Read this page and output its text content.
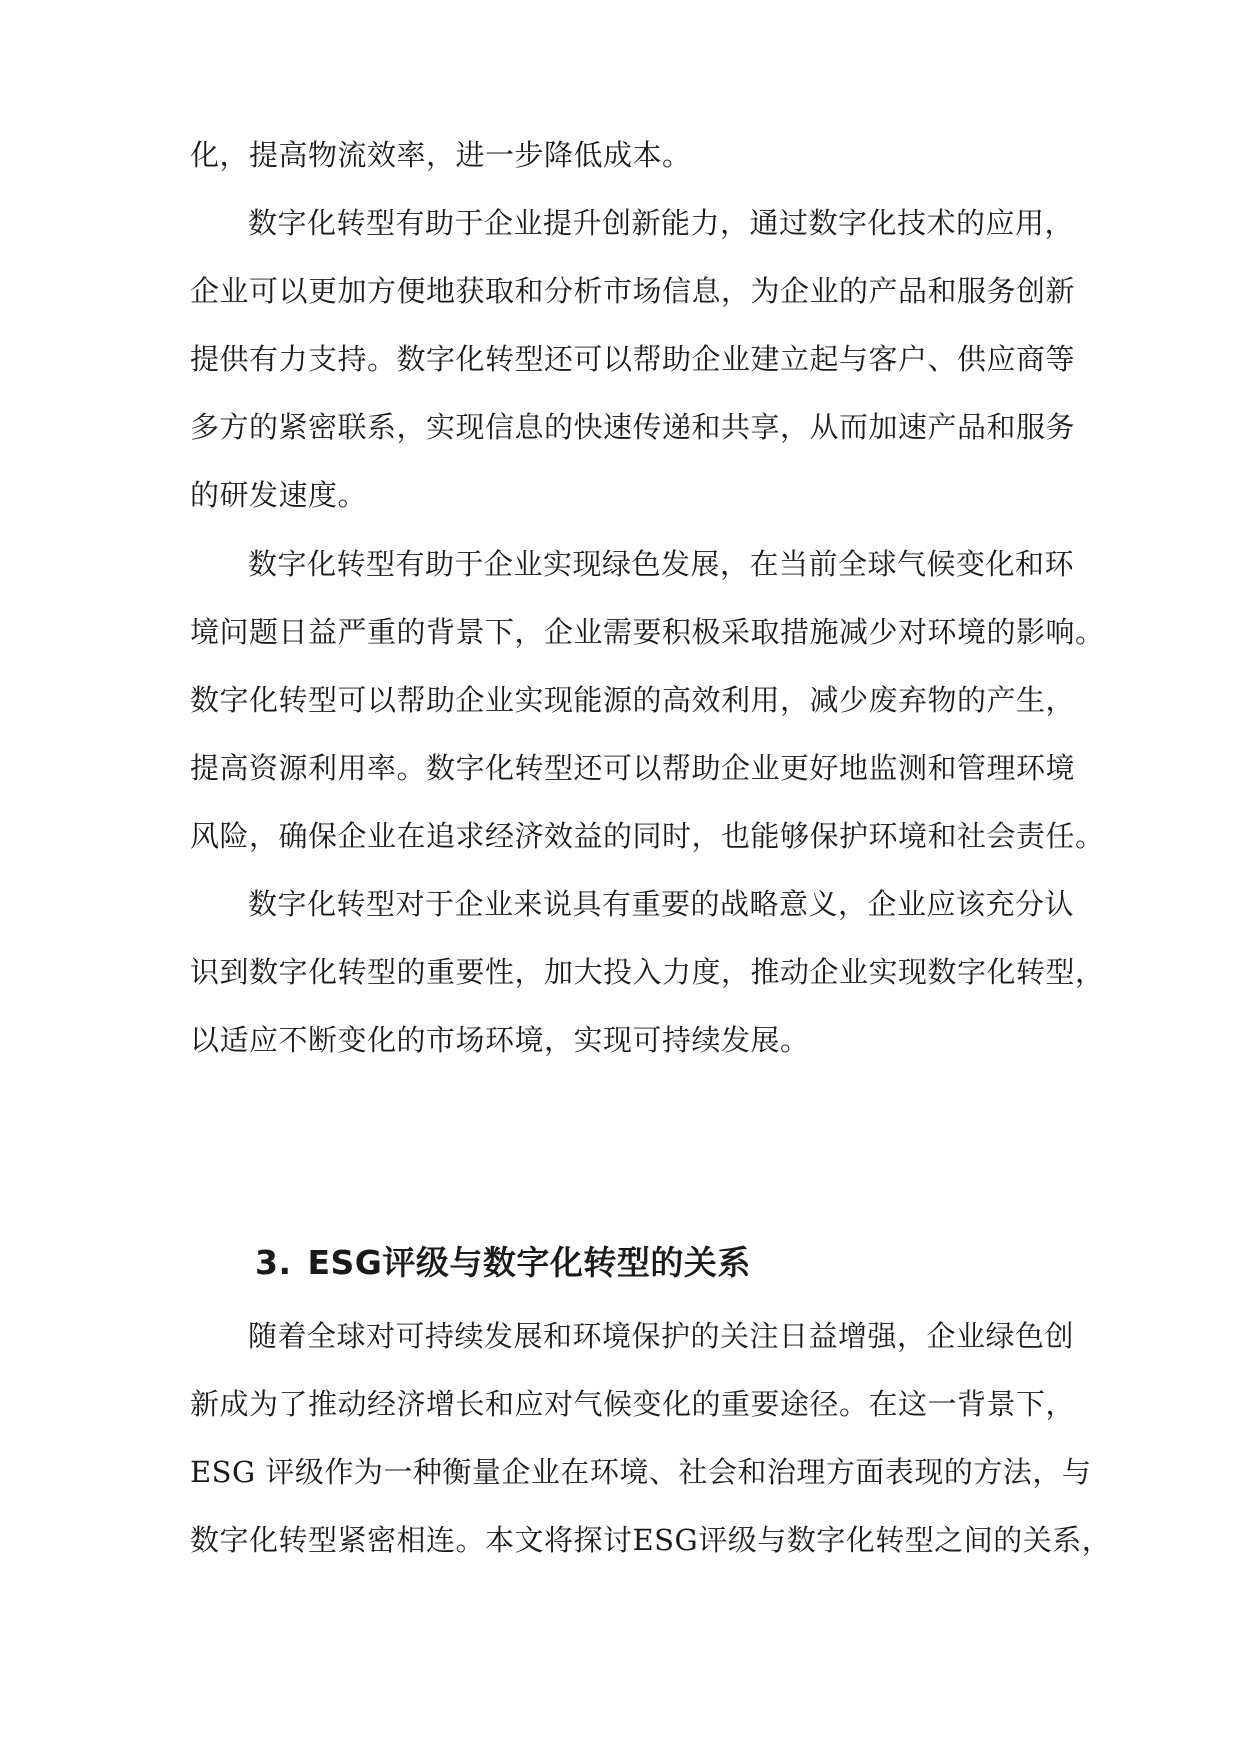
化，提高物流效率，进一步降低成本。
数字化转型有助于企业提升创新能力，通过数字化技术的应用，
企业可以更加方便地获取和分析市场信息，为企业的产品和服务创新
提供有力支持。数字化转型还可以帮助企业建立起与客户、供应商等
多方的紧密联系，实现信息的快速传递和共享，从而加速产品和服务
的研发速度。
数字化转型有助于企业实现绿色发展，在当前全球气候变化和环
境问题日益严重的背景下，企业需要积极采取措施减少对环境的影响。
数字化转型可以帮助企业实现能源的高效利用，减少废弃物的产生，
提高资源利用率。数字化转型还可以帮助企业更好地监测和管理环境
风险，确保企业在追求经济效益的同时，也能够保护环境和社会责任。
数字化转型对于企业来说具有重要的战略意义，企业应该充分认
识到数字化转型的重要性，加大投入力度，推动企业实现数字化转型，
以适应不断变化的市场环境，实现可持续发展。
3. ESG评级与数字化转型的关系
随着全球对可持续发展和环境保护的关注日益增强，企业绿色创
新成为了推动经济增长和应对气候变化的重要途径。在这一背景下，
ESG 评级作为一种衡量企业在环境、社会和治理方面表现的方法，与
数字化转型紧密相连。本文将探讨ESG评级与数字化转型之间的关系，
